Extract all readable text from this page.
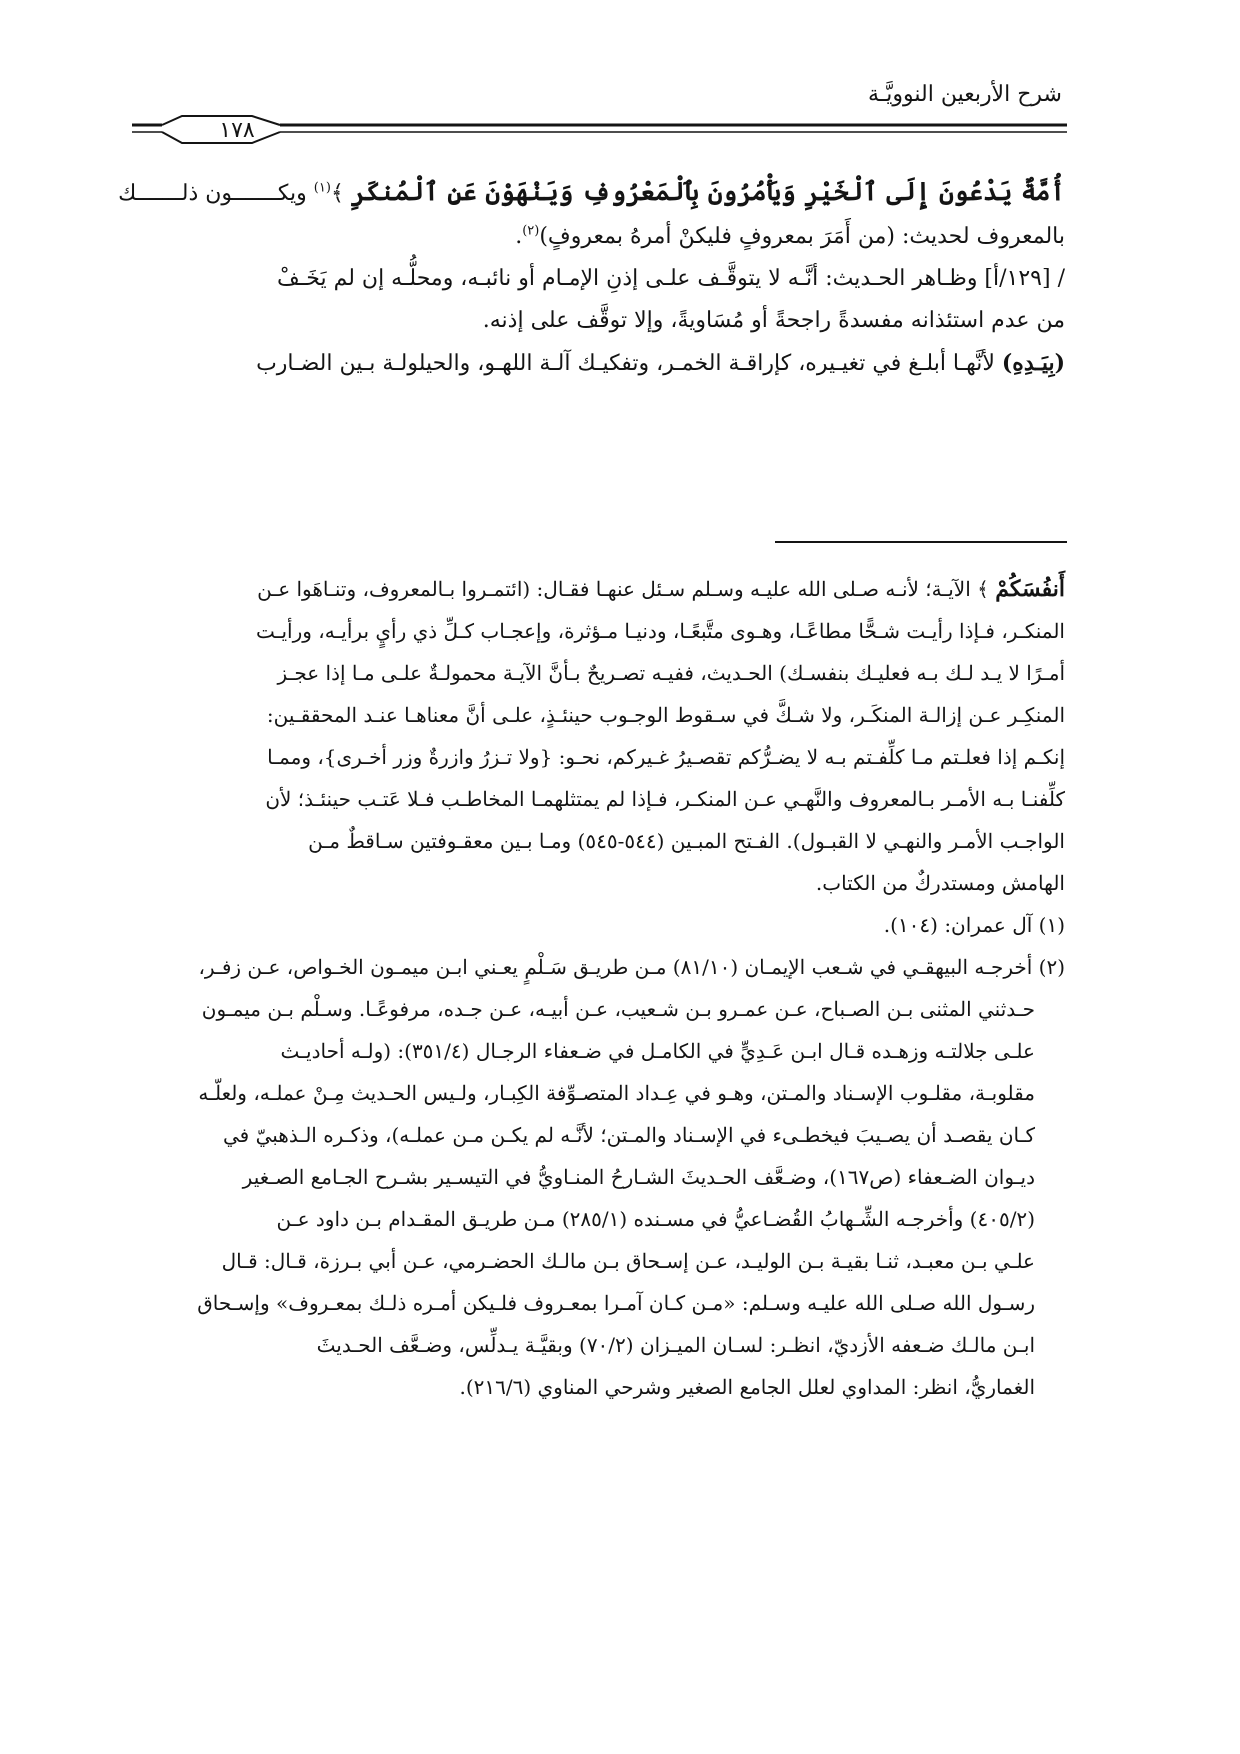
شرح الأربعين النوويَّـة
١٧٨
أُمَّةٌ يَدْعُونَ إِلَى ٱلْخَيْرِ وَيَأْمُرُونَ بِٱلْمَعْرُوفِ وَيَنْهَوْنَ عَنِ ٱلْمُنكَرِ ﴾$^{(١)}$ ويكـــــــون ذلـــــــك
بالمعروف لحديث: (من أَمَرَ بمعروفٍ فليكنْ أمرهُ بمعروفٍ)$^{(٢)}$.
/ [١٢٩/أ] وظـاهر الحـديث: أنَّـه لا يتوقَّـف علـى إذنِ الإمـام أو نائبـه، ومحلُّـه إن لم يَخَـفْ
من عدم استئذانه مفسدةً راجحةً أو مُسَاويةً، وإلا توقَّف على إذنه.
(بِيَـدِهِ) لأنَّهـا أبلـغ في تغيـيره، كإراقـة الخمـر، وتفكيـك آلـة اللهـو، والحيلولـة بـين الضـارب
أَنفُسَكُمْ ﴾ الآيـة؛ لأنـه صـلى الله عليـه وسـلم سـئل عنهـا فقـال: (ائتمـروا بـالمعروف، وتنـاهَوا عـن
المنكـر، فـإذا رأيـت شـحًّا مطاعًـا، وهـوى متَّبعًـا، ودنيـا مـؤثرة، وإعجـاب كـلِّ ذي رأيٍ برأيـه، ورأيـت
أمـرًا لا يـد لـك بـه فعليـك بنفسـك) الحـديث، ففيـه تصـريحٌ بـأنَّ الآيـة محمولـةٌ علـى مـا إذا عجـز
المنكِـر عـن إزالـة المنكَـر، ولا شـكَّ في سـقوط الوجـوب حينئـذٍ، علـى أنَّ معناهـا عنـد المحققـين:
إنكـم إذا فعلـتم مـا كلِّفـتم بـه لا يضـرُّكم تقصـيرُ غـيركم، نحـو: {ولا تـزرُ وازرةٌ وزر أخـرى}، وممـا
كلِّفنـا بـه الأمـر بـالمعروف والنَّهـي عـن المنكـر، فـإذا لم يمتثلهمـا المخاطـب فـلا عَتـب حينئـذ؛ لأن
الواجـب الأمـر والنهـي لا القبـول). الفـتح المبـين (٥٤٤-٥٤٥) ومـا بـين معقـوفتين سـاقطٌ مـن
الهامش ومستدركٌ من الكتاب.
(١) آل عمران: (١٠٤).
(٢) أخرجـه البيهقـي في شـعب الإيمـان (٨١/١٠) مـن طريـق سَـلْمٍ يعـني ابـن ميمـون الخـواص، عـن زفـر،
حـدثني المثنى بـن الصـباح، عـن عمـرو بـن شـعيب، عـن أبيـه، عـن جـده، مرفوعًـا. وسـلْم بـن ميمـون
علـى جلالتـه وزهـده قـال ابـن عَـدِيٍّ في الكامـل في ضـعفاء الرجـال (٣٥١/٤): (ولـه أحاديـث
مقلوبـة، مقلـوب الإسـناد والمـتن، وهـو في عِـداد المتصـوِّفة الكِبـار، ولـيس الحـديث مِـنْ عملـه، ولعلّـه
كـان يقصـد أن يصـيبَ فيخطـىء في الإسـناد والمـتن؛ لأنَّـه لم يكـن مـن عملـه)، وذكـره الـذهبيّ في
ديـوان الضـعفاء (ص١٦٧)، وضـعَّف الحـديثَ الشـارحُ المنـاويُّ في التيسـير بشـرح الجـامع الصـغير
(٤٠٥/٢) وأخرجـه الشِّـهابُ القُضـاعيُّ في مسـنده (٢٨٥/١) مـن طريـق المقـدام بـن داود عـن
علـي بـن معبـد، ثنـا بقيـة بـن الوليـد، عـن إسـحاق بـن مالـك الحضـرمي، عـن أبي بـرزة، قـال: قـال
رسـول الله صـلى الله عليـه وسـلم: «مـن كـان آمـرا بمعـروف فلـيكن أمـره ذلـك بمعـروف» وإسـحاق
ابـن مالـك ضـعفه الأزديّ، انظـر: لسـان الميـزان (٧٠/٢) وبقيَّـة يـدلِّس، وضـعَّف الحـديثَ
الغماريُّ، انظر: المداوي لعلل الجامع الصغير وشرحي المناوي (٢١٦/٦).
